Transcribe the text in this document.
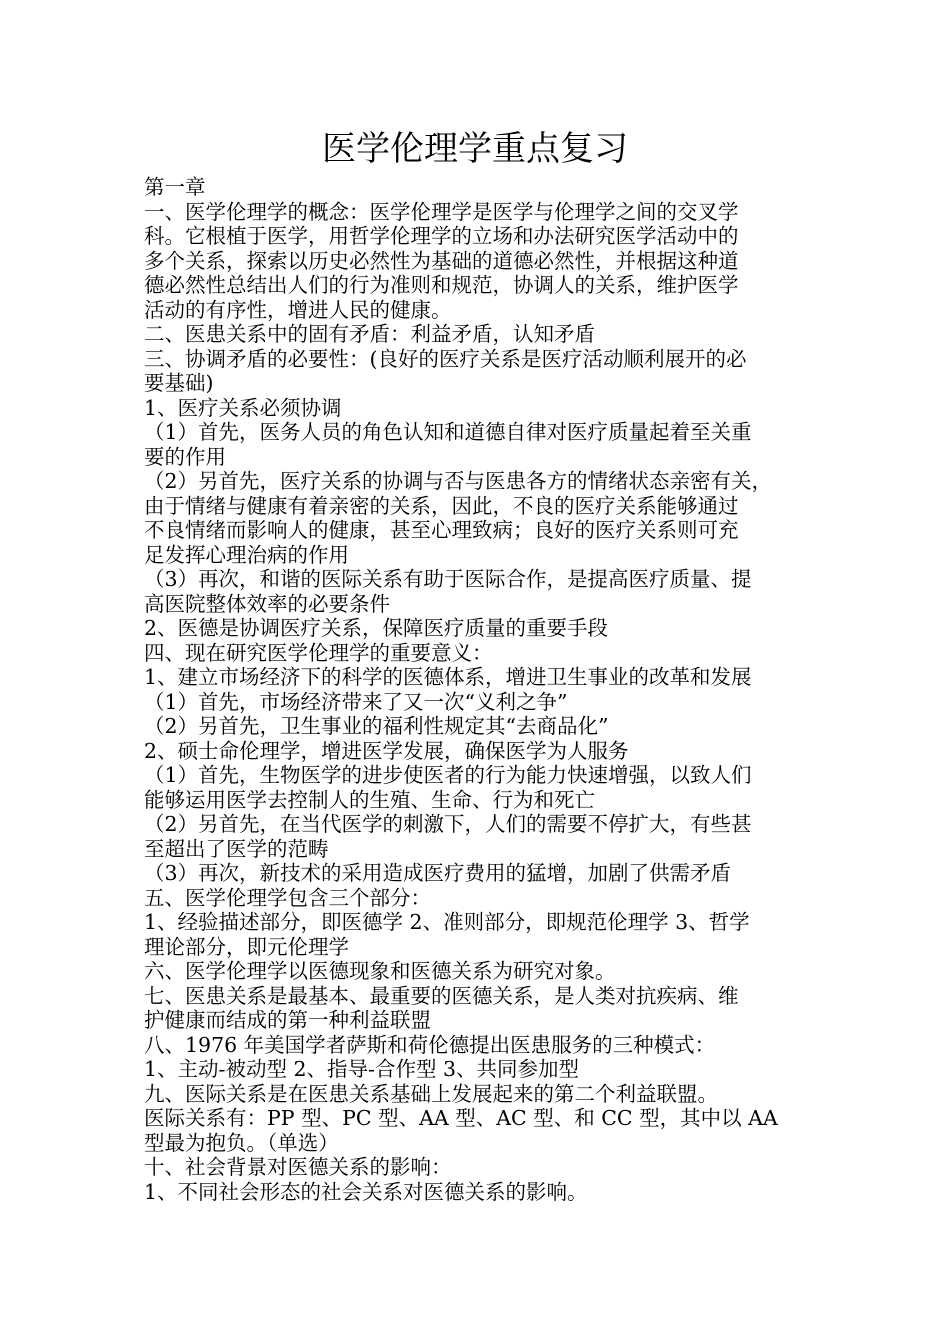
医学伦理学重点复习
第一章
一、医学伦理学的概念：医学伦理学是医学与伦理学之间的交叉学
科。它根植于医学，用哲学伦理学的立场和办法研究医学活动中的
多个关系，探索以历史必然性为基础的道德必然性，并根据这种道
德必然性总结出人们的行为准则和规范，协调人的关系，维护医学
活动的有序性，增进人民的健康。
二、医患关系中的固有矛盾：利益矛盾，认知矛盾
三、协调矛盾的必要性：(良好的医疗关系是医疗活动顺利展开的必
要基础)
1、医疗关系必须协调
（1）首先，医务人员的角色认知和道德自律对医疗质量起着至关重
要的作用
（2）另首先，医疗关系的协调与否与医患各方的情绪状态亲密有关，
由于情绪与健康有着亲密的关系，因此，不良的医疗关系能够通过
不良情绪而影响人的健康，甚至心理致病；良好的医疗关系则可充
足发挥心理治病的作用
（3）再次，和谐的医际关系有助于医际合作，是提高医疗质量、提
高医院整体效率的必要条件
2、医德是协调医疗关系，保障医疗质量的重要手段
四、现在研究医学伦理学的重要意义：
1、建立市场经济下的科学的医德体系，增进卫生事业的改革和发展
（1）首先，市场经济带来了又一次“义利之争”
（2）另首先，卫生事业的福利性规定其“去商品化”
2、硕士命伦理学，增进医学发展，确保医学为人服务
（1）首先，生物医学的进步使医者的行为能力快速增强，以致人们
能够运用医学去控制人的生殖、生命、行为和死亡
（2）另首先，在当代医学的刺激下，人们的需要不停扩大，有些甚
至超出了医学的范畴
（3）再次，新技术的采用造成医疗费用的猛增，加剧了供需矛盾
五、医学伦理学包含三个部分：
1、经验描述部分，即医德学 2、准则部分，即规范伦理学 3、哲学
理论部分，即元伦理学
六、医学伦理学以医德现象和医德关系为研究对象。
七、医患关系是最基本、最重要的医德关系，是人类对抗疾病、维
护健康而结成的第一种利益联盟
八、1976 年美国学者萨斯和荷伦德提出医患服务的三种模式：
1、主动-被动型 2、指导-合作型 3、共同参加型
九、医际关系是在医患关系基础上发展起来的第二个利益联盟。
医际关系有：PP 型、PC 型、AA 型、AC 型、和 CC 型，其中以 AA
型最为抱负。（单选）
十、社会背景对医德关系的影响：
1、不同社会形态的社会关系对医德关系的影响。
